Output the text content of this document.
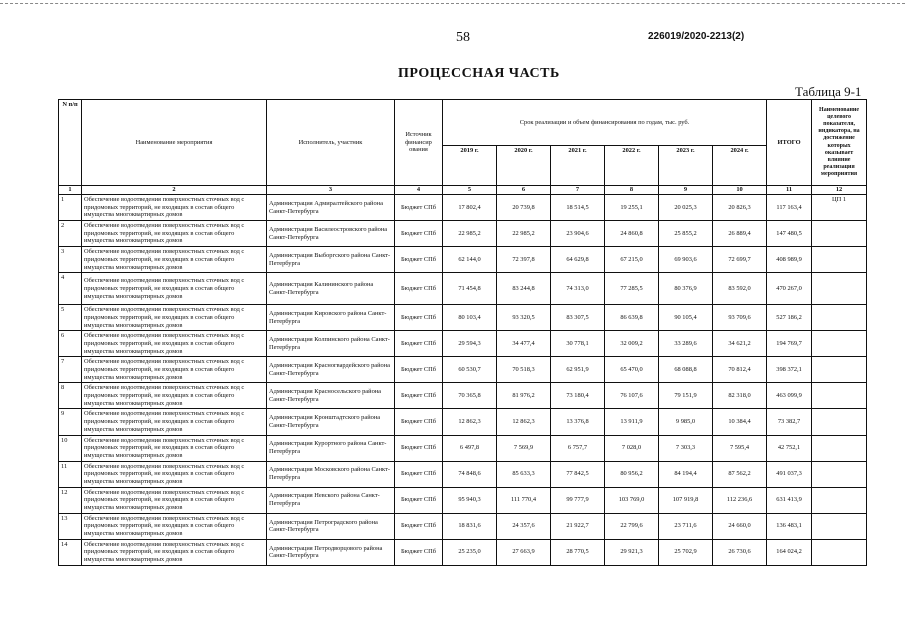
58	226019/2020-2213(2)
ПРОЦЕССНАЯ ЧАСТЬ
Таблица 9-1
N п/п	Наименование мероприятия	Исполнитель, участник	Источник финансир ования	Срок реализации и объем финансирования по годам, тыс. руб.						ИТОГО	Наименование целевого показателя, индикатора, на достижение которых оказывает влияние реализация мероприятия
				2019 г.	2020 г.	2021 г.	2022 г.	2023 г.	2024 г.		
1	2	3	4	5	6	7	8	9	10	11	12
1	Обеспечение водоотведения поверхностных сточных вод с придомовых территорий, не входящих в состав общего имущества многоквартирных домов	Администрация Адмиралтейского района Санкт-Петербурга	Бюджет СПб	17 802,4	20 739,8	18 514,5	19 255,1	20 025,3	20 826,3	117 163,4	ЦП 1
2	Обеспечение водоотведения поверхностных сточных вод с придомовых территорий, не входящих в состав общего имущества многоквартирных домов	Администрация Василеостровского района Санкт-Петербурга	Бюджет СПб	22 985,2	22 985,2	23 904,6	24 860,8	25 855,2	26 889,4	147 480,5	
3	Обеспечение водоотведения поверхностных сточных вод с придомовых территорий, не входящих в состав общего имущества многоквартирных домов	Администрация Выборгского района Санкт-Петербурга	Бюджет СПб	62 144,0	72 397,8	64 629,8	67 215,0	69 903,6	72 699,7	408 989,9	
4	Обеспечение водоотведения поверхностных сточных вод с придомовых территорий, не входящих в состав общего имущества многоквартирных домов	Администрация Калининского района Санкт-Петербурга	Бюджет СПб	71 454,8	83 244,8	74 313,0	77 285,5	80 376,9	83 592,0	470 267,0	
5	Обеспечение водоотведения поверхностных сточных вод с придомовых территорий, не входящих в состав общего имущества многоквартирных домов	Администрация Кировского района Санкт-Петербурга	Бюджет СПб	80 103,4	93 320,5	83 307,5	86 639,8	90 105,4	93 709,6	527 186,2	
6	Обеспечение водоотведения поверхностных сточных вод с придомовых территорий, не входящих в состав общего имущества многоквартирных домов	Администрация Колпинского района Санкт-Петербурга	Бюджет СПб	29 594,3	34 477,4	30 778,1	32 009,2	33 289,6	34 621,2	194 769,7	
7	Обеспечение водоотведения поверхностных сточных вод с придомовых территорий, не входящих в состав общего имущества многоквартирных домов	Администрация Красногвардейского района Санкт-Петербурга	Бюджет СПб	60 530,7	70 518,3	62 951,9	65 470,0	68 088,8	70 812,4	398 372,1	
8	Обеспечение водоотведения поверхностных сточных вод с придомовых территорий, не входящих в состав общего имущества многоквартирных домов	Администрация Красносельского района Санкт-Петербурга	Бюджет СПб	70 365,8	81 976,2	73 180,4	76 107,6	79 151,9	82 318,0	463 099,9	
9	Обеспечение водоотведения поверхностных сточных вод с придомовых территорий, не входящих в состав общего имущества многоквартирных домов	Администрация Кронштадтского района Санкт-Петербурга	Бюджет СПб	12 862,3	12 862,3	13 376,8	13 911,9	9 985,0	10 384,4	73 382,7	
10	Обеспечение водоотведения поверхностных сточных вод с придомовых территорий, не входящих в состав общего имущества многоквартирных домов	Администрация Курортного района Санкт-Петербурга	Бюджет СПб	6 497,8	7 569,9	6 757,7	7 028,0	7 303,3	7 595,4	42 752,1	
11	Обеспечение водоотведения поверхностных сточных вод с придомовых территорий, не входящих в состав общего имущества многоквартирных домов	Администрация Московского района Санкт-Петербурга	Бюджет СПб	74 848,6	85 633,3	77 842,5	80 956,2	84 194,4	87 562,2	491 037,3	
12	Обеспечение водоотведения поверхностных сточных вод с придомовых территорий, не входящих в состав общего имущества многоквартирных домов	Администрация Невского района Санкт-Петербурга	Бюджет СПб	95 940,3	111 770,4	99 777,9	103 769,0	107 919,8	112 236,6	631 413,9	
13	Обеспечение водоотведения поверхностных сточных вод с придомовых территорий, не входящих в состав общего имущества многоквартирных домов	Администрация Петроградского района Санкт-Петербурга	Бюджет СПб	18 831,6	24 357,6	21 922,7	22 799,6	23 711,6	24 660,0	136 483,1	
14	Обеспечение водоотведения поверхностных сточных вод с придомовых территорий, не входящих в состав общего имущества многоквартирных домов	Администрация Петродворцового района Санкт-Петербурга	Бюджет СПб	25 235,0	27 663,9	28 770,5	29 921,3	25 702,9	26 730,6	164 024,2	
